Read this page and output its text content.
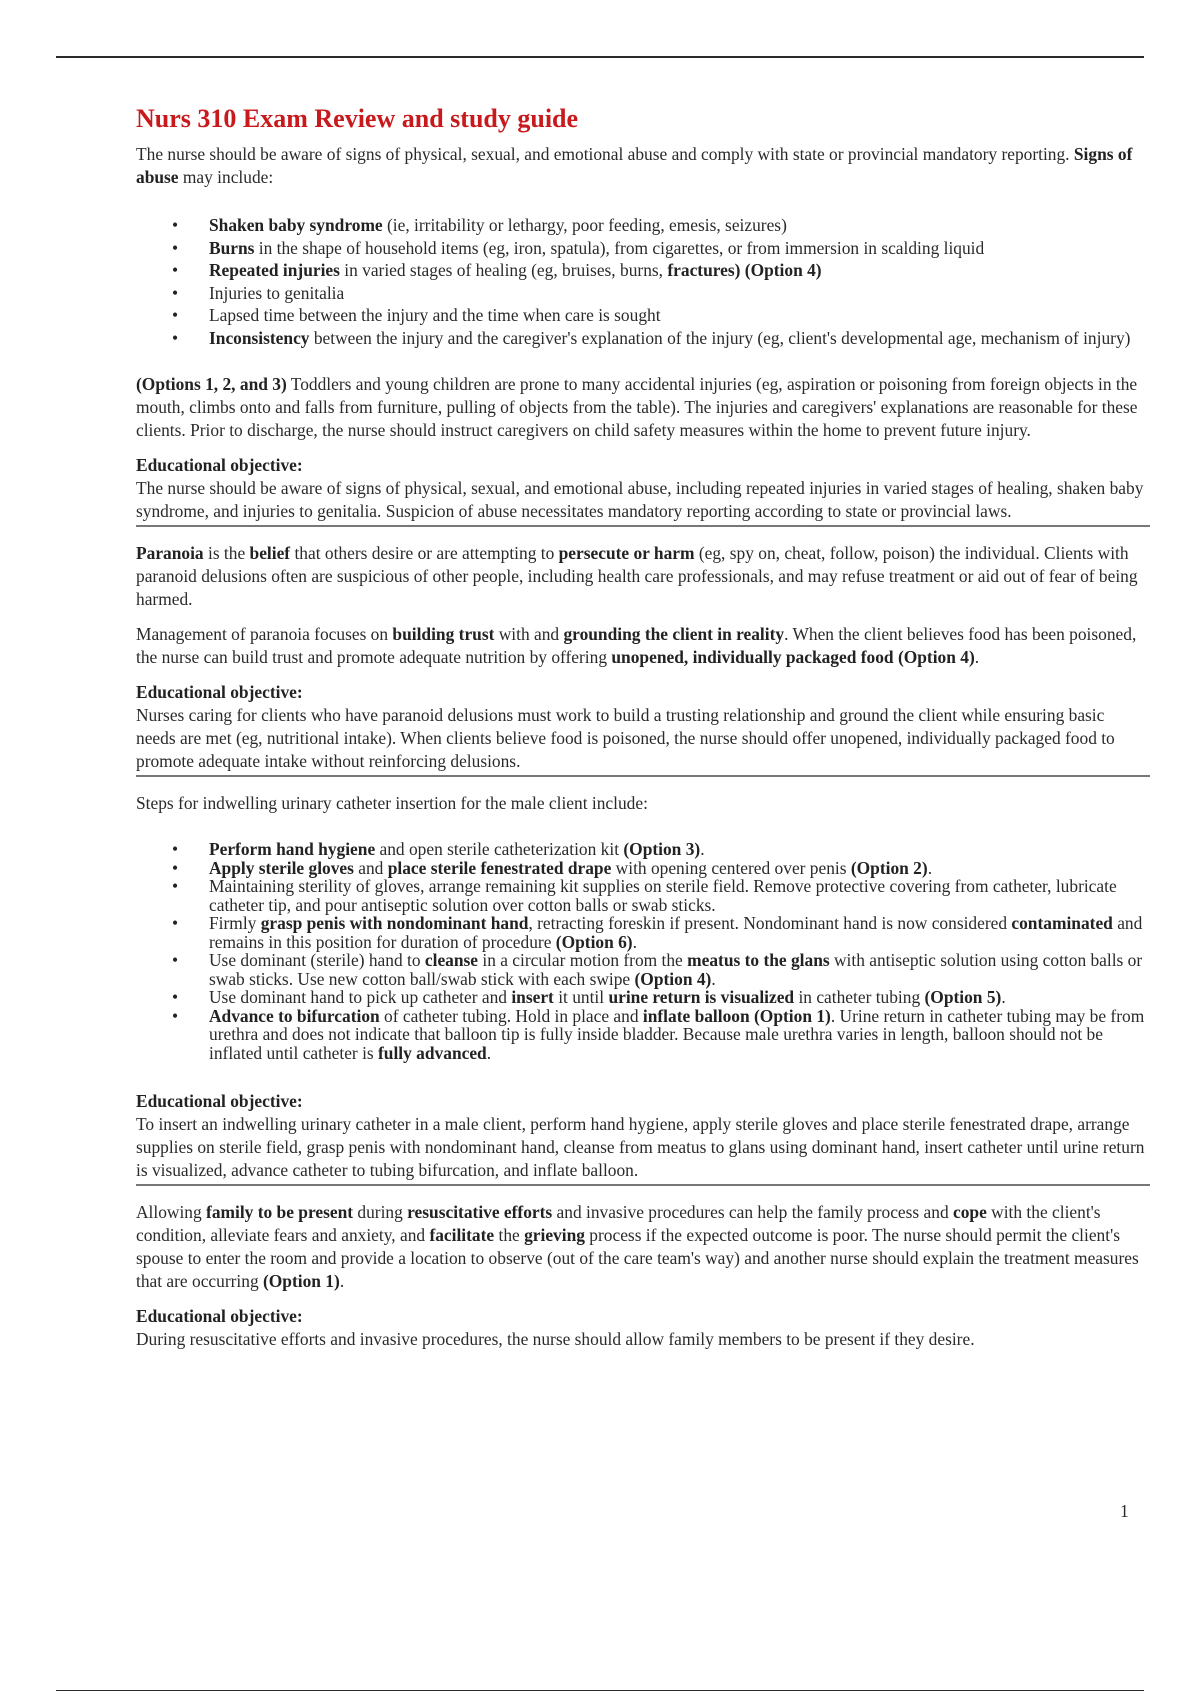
Nurs 310 Exam Review and study guide

The nurse should be aware of signs of physical, sexual, and emotional abuse and comply with state or provincial mandatory reporting. Signs of abuse may include:

• Shaken baby syndrome (ie, irritability or lethargy, poor feeding, emesis, seizures)
• Burns in the shape of household items (eg, iron, spatula), from cigarettes, or from immersion in scalding liquid
• Repeated injuries in varied stages of healing (eg, bruises, burns, fractures) (Option 4)
• Injuries to genitalia
• Lapsed time between the injury and the time when care is sought
• Inconsistency between the injury and the caregiver's explanation of the injury (eg, client's developmental age, mechanism of injury)

(Options 1, 2, and 3) Toddlers and young children are prone to many accidental injuries (eg, aspiration or poisoning from foreign objects in the mouth, climbs onto and falls from furniture, pulling of objects from the table). The injuries and caregivers' explanations are reasonable for these clients. Prior to discharge, the nurse should instruct caregivers on child safety measures within the home to prevent future injury.

Educational objective:

The nurse should be aware of signs of physical, sexual, and emotional abuse, including repeated injuries in varied stages of healing, shaken baby syndrome, and injuries to genitalia. Suspicion of abuse necessitates mandatory reporting according to state or provincial laws.

Paranoia is the belief that others desire or are attempting to persecute or harm (eg, spy on, cheat, follow, poison) the individual. Clients with paranoid delusions often are suspicious of other people, including health care professionals, and may refuse treatment or aid out of fear of being harmed.

Management of paranoia focuses on building trust with and grounding the client in reality. When the client believes food has been poisoned, the nurse can build trust and promote adequate nutrition by offering unopened, individually packaged food (Option 4).

Educational objective:

Nurses caring for clients who have paranoid delusions must work to build a trusting relationship and ground the client while ensuring basic needs are met (eg, nutritional intake). When clients believe food is poisoned, the nurse should offer unopened, individually packaged food to promote adequate intake without reinforcing delusions.

Steps for indwelling urinary catheter insertion for the male client include:

• Perform hand hygiene and open sterile catheterization kit (Option 3).
• Apply sterile gloves and place sterile fenestrated drape with opening centered over penis (Option 2).
• Maintaining sterility of gloves, arrange remaining kit supplies on sterile field. Remove protective covering from catheter, lubricate catheter tip, and pour antiseptic solution over cotton balls or swab sticks.
• Firmly grasp penis with nondominant hand, retracting foreskin if present. Nondominant hand is now considered contaminated and remains in this position for duration of procedure (Option 6).
• Use dominant (sterile) hand to cleanse in a circular motion from the meatus to the glans with antiseptic solution using cotton balls or swab sticks. Use new cotton ball/swab stick with each swipe (Option 4).
• Use dominant hand to pick up catheter and insert it until urine return is visualized in catheter tubing (Option 5).
• Advance to bifurcation of catheter tubing. Hold in place and inflate balloon (Option 1). Urine return in catheter tubing may be from urethra and does not indicate that balloon tip is fully inside bladder. Because male urethra varies in length, balloon should not be inflated until catheter is fully advanced.

Educational objective:

To insert an indwelling urinary catheter in a male client, perform hand hygiene, apply sterile gloves and place sterile fenestrated drape, arrange supplies on sterile field, grasp penis with nondominant hand, cleanse from meatus to glans using dominant hand, insert catheter until urine return is visualized, advance catheter to tubing bifurcation, and inflate balloon.

Allowing family to be present during resuscitative efforts and invasive procedures can help the family process and cope with the client's condition, alleviate fears and anxiety, and facilitate the grieving process if the expected outcome is poor. The nurse should permit the client's spouse to enter the room and provide a location to observe (out of the care team's way) and another nurse should explain the treatment measures that are occurring (Option 1).

Educational objective:

During resuscitative efforts and invasive procedures, the nurse should allow family members to be present if they desire.

1
